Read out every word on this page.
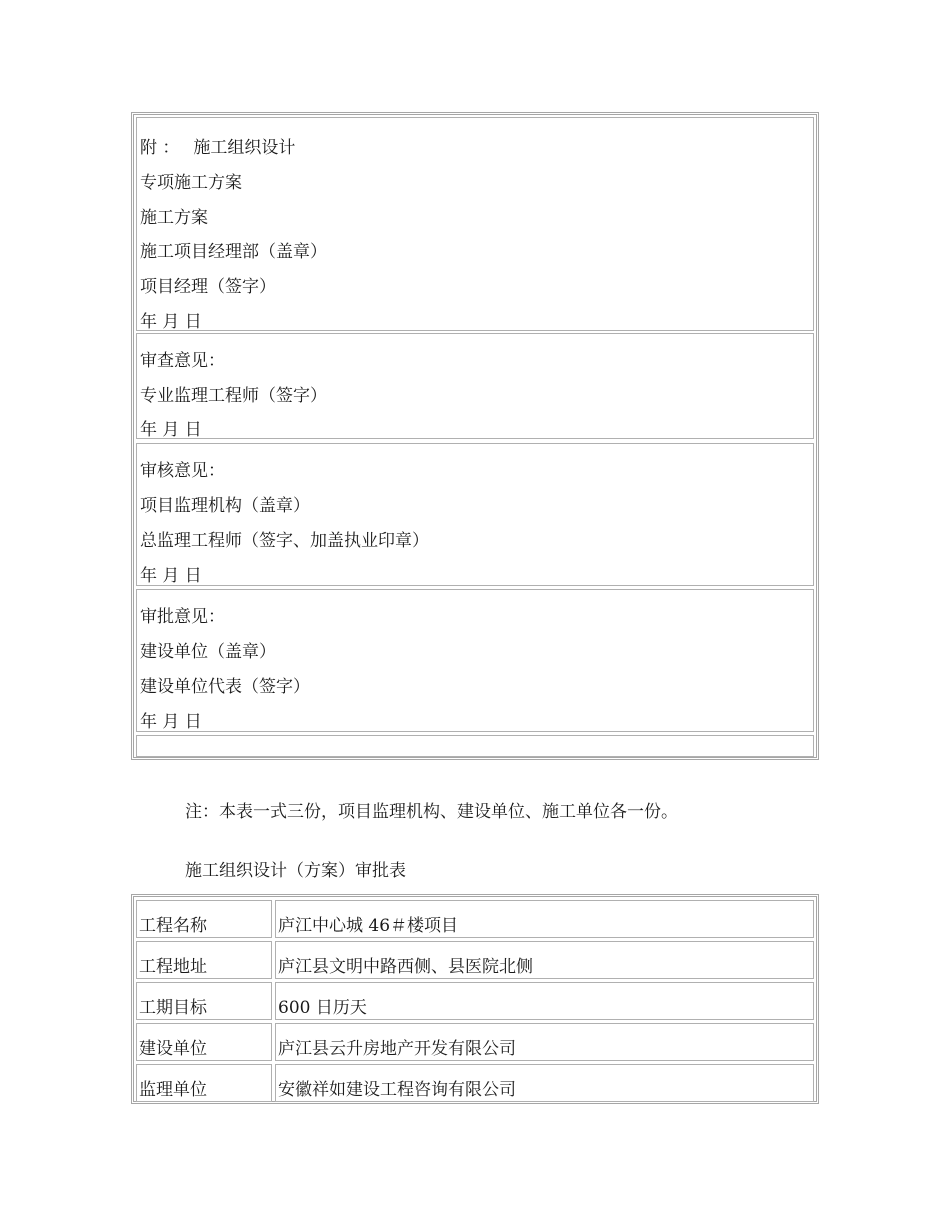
附 ： 施工组织设计
专项施工方案
施工方案
施工项目经理部（盖章）
项目经理（签字）
年 月 日
审查意见：
专业监理工程师（签字）
年 月 日
审核意见：
项目监理机构（盖章）
总监理工程师（签字、加盖执业印章）
年 月 日
审批意见：
建设单位（盖章）
建设单位代表（签字）
年 月 日
注：本表一式三份，项目监理机构、建设单位、施工单位各一份。
施工组织设计（方案）审批表
工程名称	庐江中心城 46＃楼项目
工程地址	庐江县文明中路西侧、县医院北侧
工期目标	600 日历天
建设单位	庐江县云升房地产开发有限公司
监理单位	安徽祥如建设工程咨询有限公司
